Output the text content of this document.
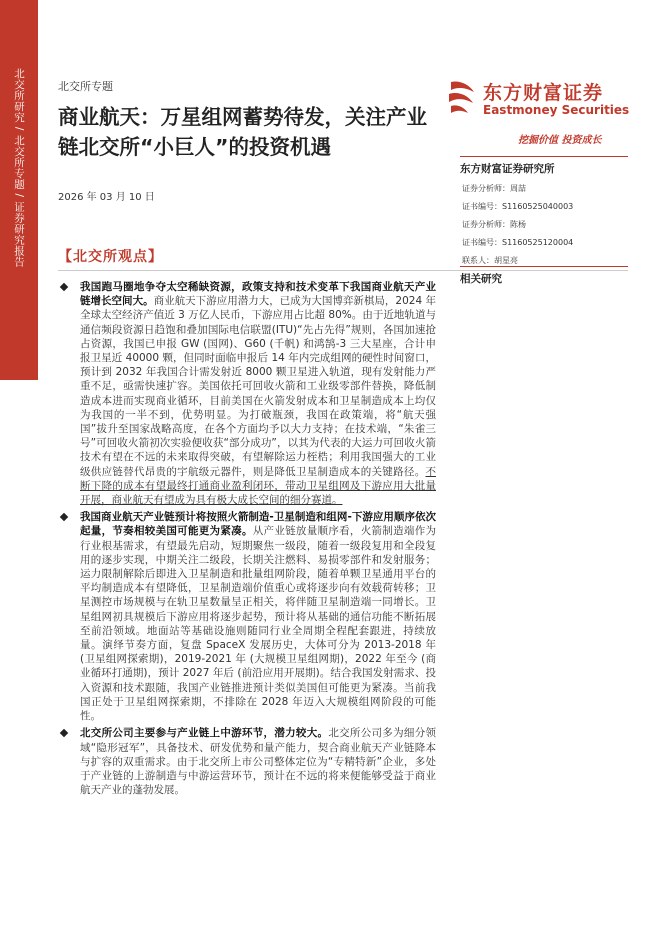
北交所研究 / 北交所专题 / 证券研究报告	北交所专题
商业航天：万星组网蓄势待发，关注产业链北交所“小巨人”的投资机遇
2026 年 03 月 10 日
东方财富证券
Eastmoney Securities
挖掘价值 投资成长
东方财富证券研究所
证券分析师：周喆
证书编号：S1160525040003
证券分析师：陈杨
证书编号：S1160525120004
联系人：胡星亮
相关研究
【北交所观点】
我国跑马圈地争夺太空稀缺资源，政策支持和技术变革下我国商业航天产业链增长空间大。商业航天下游应用潜力大，已成为大国博弈新棋局，2024 年全球太空经济产值近 3 万亿人民币，下游应用占比超 80%。由于近地轨道与通信频段资源日趋饱和叠加国际电信联盟(ITU)“先占先得”规则，各国加速抢占资源，我国已申报 GW (国网)、G60 (千帆) 和鸿鹄-3 三大星座，合计申报卫星近 40000 颗，但同时面临申报后 14 年内完成组网的硬性时间窗口，预计到 2032 年我国合计需发射近 8000 颗卫星进入轨道，现有发射能力严重不足，亟需快速扩容。美国依托可回收火箭和工业级零部件替换，降低制造成本进而实现商业循环，目前美国在火箭发射成本和卫星制造成本上均仅为我国的一半不到，优势明显。为打破瓶颈，我国在政策端，将“航天强国”拔升至国家战略高度，在各个方面均予以大力支持；在技术端，“朱雀三号”可回收火箭初次实验便收获“部分成功”，以其为代表的大运力可回收火箭技术有望在不远的未来取得突破，有望解除运力桎梏；利用我国强大的工业级供应链替代昂贵的宇航级元器件，则是降低卫星制造成本的关键路径。不断下降的成本有望最终打通商业盈利闭环，带动卫星组网及下游应用大批量开展，商业航天有望成为具有极大成长空间的细分赛道。
我国商业航天产业链预计将按照火箭制造-卫星制造和组网-下游应用顺序依次起量，节奏相较美国可能更为紧凑。从产业链放量顺序看，火箭制造端作为行业根基需求，有望最先启动，短期聚焦一级段，随着一级段复用和全段复用的逐步实现，中期关注二级段，长期关注燃料、易损零部件和发射服务；运力限制解除后即进入卫星制造和批量组网阶段，随着单颗卫星通用平台的平均制造成本有望降低，卫星制造端价值重心或将逐步向有效载荷转移；卫星测控市场规模与在轨卫星数量呈正相关，将伴随卫星制造端一同增长。卫星组网初具规模后下游应用将逐步起势，预计将从基础的通信功能不断拓展至前沿领域。地面站等基础设施则随同行业全周期全程配套跟进，持续放量。演绎节奏方面，复盘 SpaceX 发展历史，大体可分为 2013-2018 年 (卫星组网探索期)，2019-2021 年 (大规模卫星组网期)，2022 年至今 (商业循环打通期)，预计 2027 年后 (前沿应用开展期)。结合我国发射需求、投入资源和技术跟随，我国产业链推进预计类似美国但可能更为紧凑。当前我国正处于卫星组网探索期，不排除在 2028 年迈入大规模组网阶段的可能性。
北交所公司主要参与产业链上中游环节，潜力较大。北交所公司多为细分领域“隐形冠军”，具备技术、研发优势和量产能力，契合商业航天产业链降本与扩容的双重需求。由于北交所上市公司整体定位为“专精特新”企业，多处于产业链的上游制造与中游运营环节，预计在不远的将来便能够受益于商业航天产业的蓬勃发展。
